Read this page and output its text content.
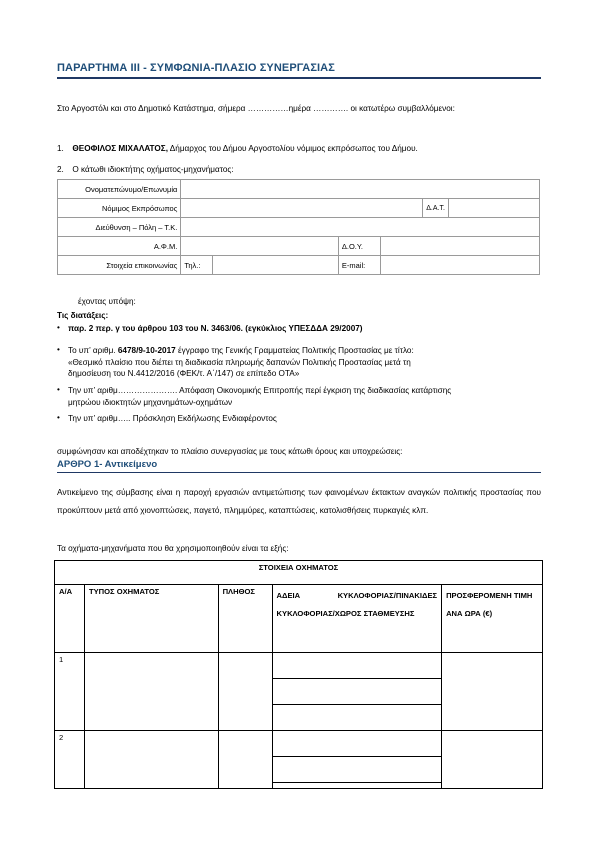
ΠΑΡΑΡΤΗΜΑ III - ΣΥΜΦΩΝΙΑ-ΠΛΑΣΙΟ ΣΥΝΕΡΓΑΣΙΑΣ
Στο Αργοστόλι και στο Δημοτικό Κατάστημα, σήμερα ……………ημέρα …………. οι κατωτέρω συμβαλλόμενοι:
1. ΘΕΟΦΙΛΟΣ ΜΙΧΑΛΑΤΟΣ, Δήμαρχος του Δήμου Αργοστολίου νόμιμος εκπρόσωπος του Δήμου.
2. Ο κάτωθι ιδιοκτήτης οχήματος-μηχανήματος:
Ονοματεπώνυμο/Επωνυμία						
Νόμιμος Εκπρόσωπος					Δ.Α.Τ.	
Διεύθυνση – Πόλη – Τ.Κ.						
Α.Φ.Μ.			Δ.Ο.Υ.			
Στοιχεία επικοινωνίας	Τηλ.:		E-mail:			
έχοντας υπόψη:
Τις διατάξεις:
• παρ. 2 περ. γ του άρθρου 103 του Ν. 3463/06. (εγκύκλιος ΥΠΕΣΔΔΑ 29/2007)
• Το υπ’ αριθμ. 6478/9-10-2017 έγγραφο της Γενικής Γραμματείας Πολιτικής Προστασίας με τίτλο:
«Θεσμικό πλαίσιο που διέπει τη διαδικασία πληρωμής δαπανών Πολιτικής Προστασίας μετά τη
δημοσίευση του Ν.4412/2016 (ΦΕΚ/τ. Α΄/147) σε επίπεδο ΟΤΑ»
• Την υπ’ αριθμ…………………. Απόφαση Οικονομικής Επιτροπής περί έγκριση της διαδικασίας κατάρτισης
μητρώου ιδιοκτητών μηχανημάτων-οχημάτων
• Την υπ’ αριθμ….. Πρόσκληση Εκδήλωσης Ενδιαφέροντος
συμφώνησαν και αποδέχτηκαν το πλαίσιο συνεργασίας με τους κάτωθι όρους και υποχρεώσεις:
ΑΡΘΡΟ 1- Αντικείμενο
Αντικείμενο της σύμβασης είναι η παροχή εργασιών αντιμετώπισης των φαινομένων έκτακτων αναγκών πολιτικής προστασίας που προκύπτουν μετά από χιονοπτώσεις, παγετό, πλημμύρες, καταπτώσεις, κατολισθήσεις πυρκαγιές κλπ.
Τα οχήματα-μηχανήματα που θα χρησιμοποιηθούν είναι τα εξής:
ΣΤΟΙΧΕΙΑ ΟΧΗΜΑΤΟΣ				
Α/Α	ΤΥΠΟΣ ΟΧΗΜΑΤΟΣ	ΠΛΗΘΟΣ	ΑΔΕΙΑ ΚΥΚΛΟΦΟΡΙΑΣ/ΠΙΝΑΚΙΔΕΣ ΚΥΚΛΟΦΟΡΙΑΣ/ΧΩΡΟΣ ΣΤΑΘΜΕΥΣΗΣ	ΠΡΟΣΦΕΡΟΜΕΝΗ ΤΙΜΗ ΑΝΑ ΩΡΑ (€)
1				

2				
